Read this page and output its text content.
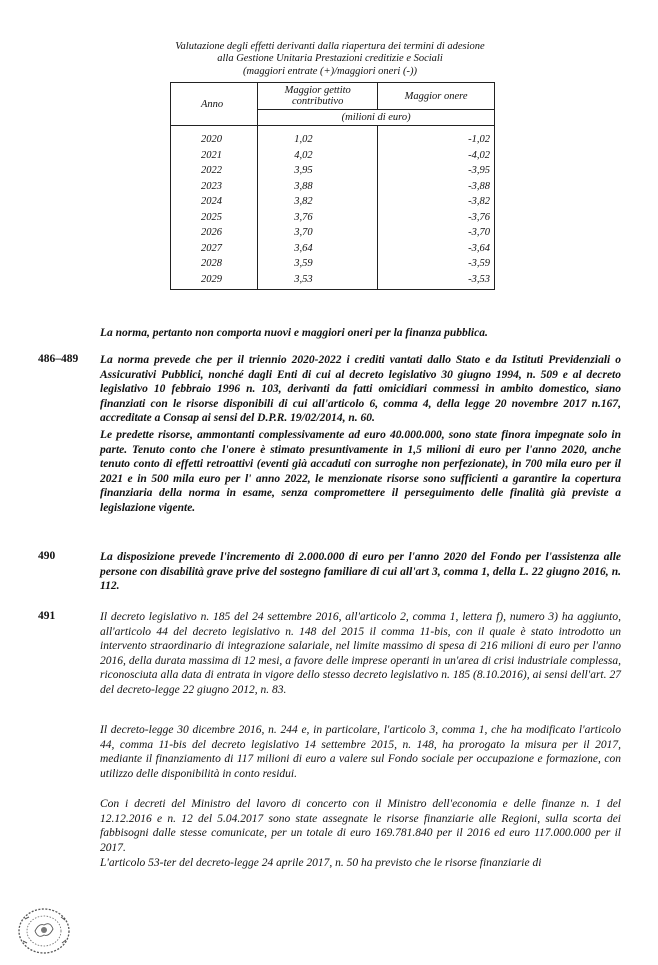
Valutazione degli effetti derivanti dalla riapertura dei termini di adesione
alla Gestione Unitaria Prestazioni creditizie e Sociali
(maggiori entrate (+)/maggiori oneri (-))
Anno	Maggior gettito contributivo	Maggior onere
	(milioni di euro)	
2020	1,02	-1,02
2021	4,02	-4,02
2022	3,95	-3,95
2023	3,88	-3,88
2024	3,82	-3,82
2025	3,76	-3,76
2026	3,70	-3,70
2027	3,64	-3,64
2028	3,59	-3,59
2029	3,53	-3,53
La norma, pertanto non comporta nuovi e maggiori oneri per la finanza pubblica.
486–489 La norma prevede che per il triennio 2020-2022 i crediti vantati dallo Stato e da Istituti Previdenziali o Assicurativi Pubblici, nonché dagli Enti di cui al decreto legislativo 30 giugno 1994, n. 509 e al decreto legislativo 10 febbraio 1996 n. 103, derivanti da fatti omicidiari commessi in ambito domestico, siano finanziati con le risorse disponibili di cui all'articolo 6, comma 4, della legge 20 novembre 2017 n.167, accreditate a Consap ai sensi del D.P.R. 19/02/2014, n. 60.
Le predette risorse, ammontanti complessivamente ad euro 40.000.000, sono state finora impegnate solo in parte. Tenuto conto che l'onere è stimato presuntivamente in 1,5 milioni di euro per l'anno 2020, anche tenuto conto di effetti retroattivi (eventi già accaduti con surroghe non perfezionate), in 700 mila euro per il 2021 e in 500 mila euro per l' anno 2022, le menzionate risorse sono sufficienti a garantire la copertura finanziaria della norma in esame, senza compromettere il perseguimento delle finalità già previste a legislazione vigente.
490	La disposizione prevede l'incremento di 2.000.000 di euro per l'anno 2020 del Fondo per l'assistenza alle persone con disabilità grave prive del sostegno familiare di cui all'art 3, comma 1, della L. 22 giugno 2016, n. 112.
491	Il decreto legislativo n. 185 del 24 settembre 2016, all'articolo 2, comma 1, lettera f), numero 3) ha aggiunto, all'articolo 44 del decreto legislativo n. 148 del 2015 il comma 11-bis, con il quale è stato introdotto un intervento straordinario di integrazione salariale, nel limite massimo di spesa di 216 milioni di euro per l'anno 2016, della durata massima di 12 mesi, a favore delle imprese operanti in un'area di crisi industriale complessa, riconosciuta alla data di entrata in vigore dello stesso decreto legislativo n. 185 (8.10.2016), ai sensi dell'art. 27 del decreto-legge 22 giugno 2012, n. 83.
Il decreto-legge 30 dicembre 2016, n. 244 e, in particolare, l'articolo 3, comma 1, che ha modificato l'articolo 44, comma 11-bis del decreto legislativo 14 settembre 2015, n. 148, ha prorogato la misura per il 2017, mediante il finanziamento di 117 milioni di euro a valere sul Fondo sociale per occupazione e formazione, con utilizzo delle disponibilità in conto residui.
Con i decreti del Ministro del lavoro di concerto con il Ministro dell'economia e delle finanze n. 1 del 12.12.2016 e n. 12 del 5.04.2017 sono state assegnate le risorse finanziarie alle Regioni, sulla scorta dei fabbisogni dalle stesse comunicate, per un totale di euro 169.781.840 per il 2016 ed euro 117.000.000 per il 2017.
L'articolo 53-ter del decreto-legge 24 aprile 2017, n. 50 ha previsto che le risorse finanziarie di
